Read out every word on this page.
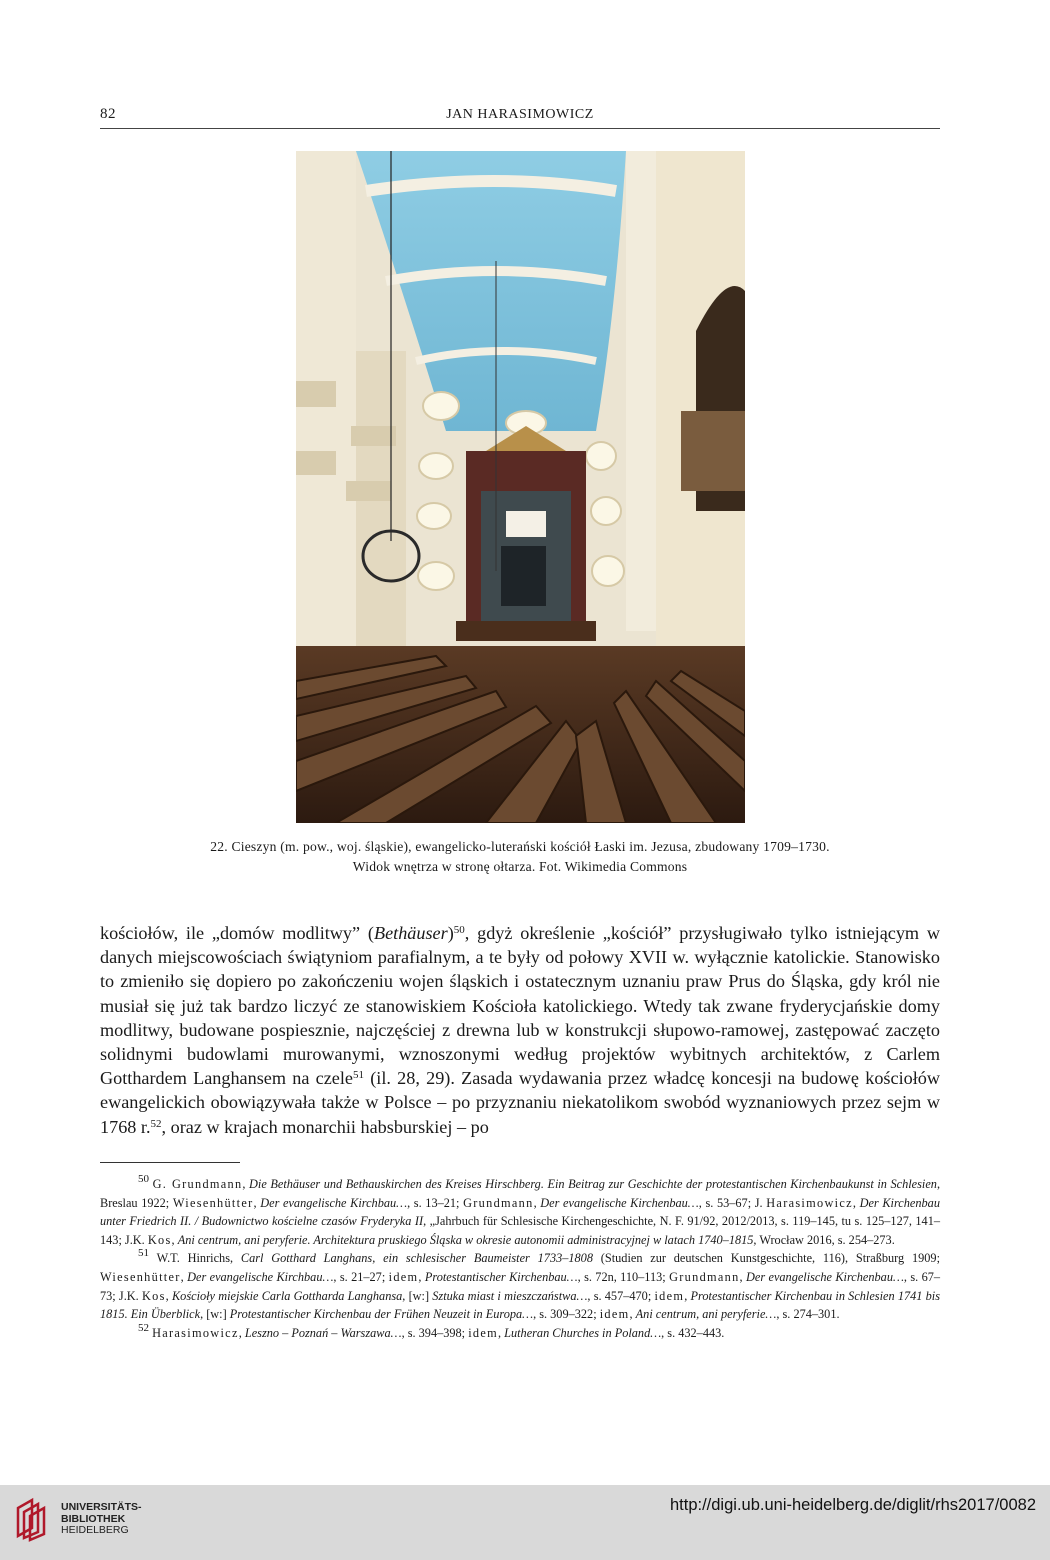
82	JAN HARASIMOWICZ
22. Cieszyn (m. pow., woj. śląskie), ewangelicko-luterański kościół Łaski im. Jezusa, zbudowany 1709–1730.
Widok wnętrza w stronę ołtarza. Fot. Wikimedia Commons

kościołów, ile „domów modlitwy” (Bethäuser)$^{50}$, gdyż określenie „kościół” przysługiwało tylko istniejącym w danych miejscowościach świątyniom parafialnym, a te były od połowy XVII w. wyłącznie katolickie. Stanowisko to zmieniło się dopiero po zakończeniu wojen śląskich i ostatecznym uznaniu praw Prus do Śląska, gdy król nie musiał się już tak bardzo liczyć ze stanowiskiem Kościoła katolickiego. Wtedy tak zwane fryderycjańskie domy modlitwy, budowane pospiesznie, najczęściej z drewna lub w konstrukcji słupowo-ramowej, zastępować zaczęto solidnymi budowlami murowanymi, wznoszonymi według projektów wybitnych architektów, z Carlem Gotthardem Langhansem na czele$^{51}$ (il. 28, 29). Zasada wydawania przez władcę koncesji na budowę kościołów ewangelickich obowiązywała także w Polsce – po przyznaniu niekatolikom swobód wyznaniowych przez sejm w 1768 r.$^{52}$, oraz w krajach monarchii habsburskiej – po

$^{50}$ G. Grundmann, Die Bethäuser und Bethauskirchen des Kreises Hirschberg. Ein Beitrag zur Geschichte der protestantischen Kirchenbaukunst in Schlesien, Breslau 1922; Wiesenhütter, Der evangelische Kirchbau…, s. 13–21; Grundmann, Der evangelische Kirchenbau…, s. 53–67; J. Harasimowicz, Der Kirchenbau unter Friedrich II. / Budownictwo kościelne czasów Fryderyka II, „Jahrbuch für Schlesische Kirchengeschichte, N. F. 91/92, 2012/2013, s. 119–145, tu s. 125–127, 141–143; J.K. Kos, Ani centrum, ani peryferie. Architektura pruskiego Śląska w okresie autonomii administracyjnej w latach 1740–1815, Wrocław 2016, s. 254–273.

$^{51}$ W.T. Hinrichs, Carl Gotthard Langhans, ein schlesischer Baumeister 1733–1808 (Studien zur deutschen Kunstgeschichte, 116), Straßburg 1909; Wiesenhütter, Der evangelische Kirchbau…, s. 21–27; idem, Protestantischer Kirchenbau…, s. 72n, 110–113; Grundmann, Der evangelische Kirchenbau…, s. 67–73; J.K. Kos, Kościoły miejskie Carla Gottharda Langhansa, [w:] Sztuka miast i mieszczaństwa…, s. 457–470; idem, Protestantischer Kirchenbau in Schlesien 1741 bis 1815. Ein Überblick, [w:] Protestantischer Kirchenbau der Frühen Neuzeit in Europa…, s. 309–322; idem, Ani centrum, ani peryferie…, s. 274–301.

$^{52}$ Harasimowicz, Leszno – Poznań – Warszawa…, s. 394–398; idem, Lutheran Churches in Poland…, s. 432–443.

UNIVERSITÄTS-
BIBLIOTHEK
HEIDELBERG
http://digi.ub.uni-heidelberg.de/diglit/rhs2017/0082
